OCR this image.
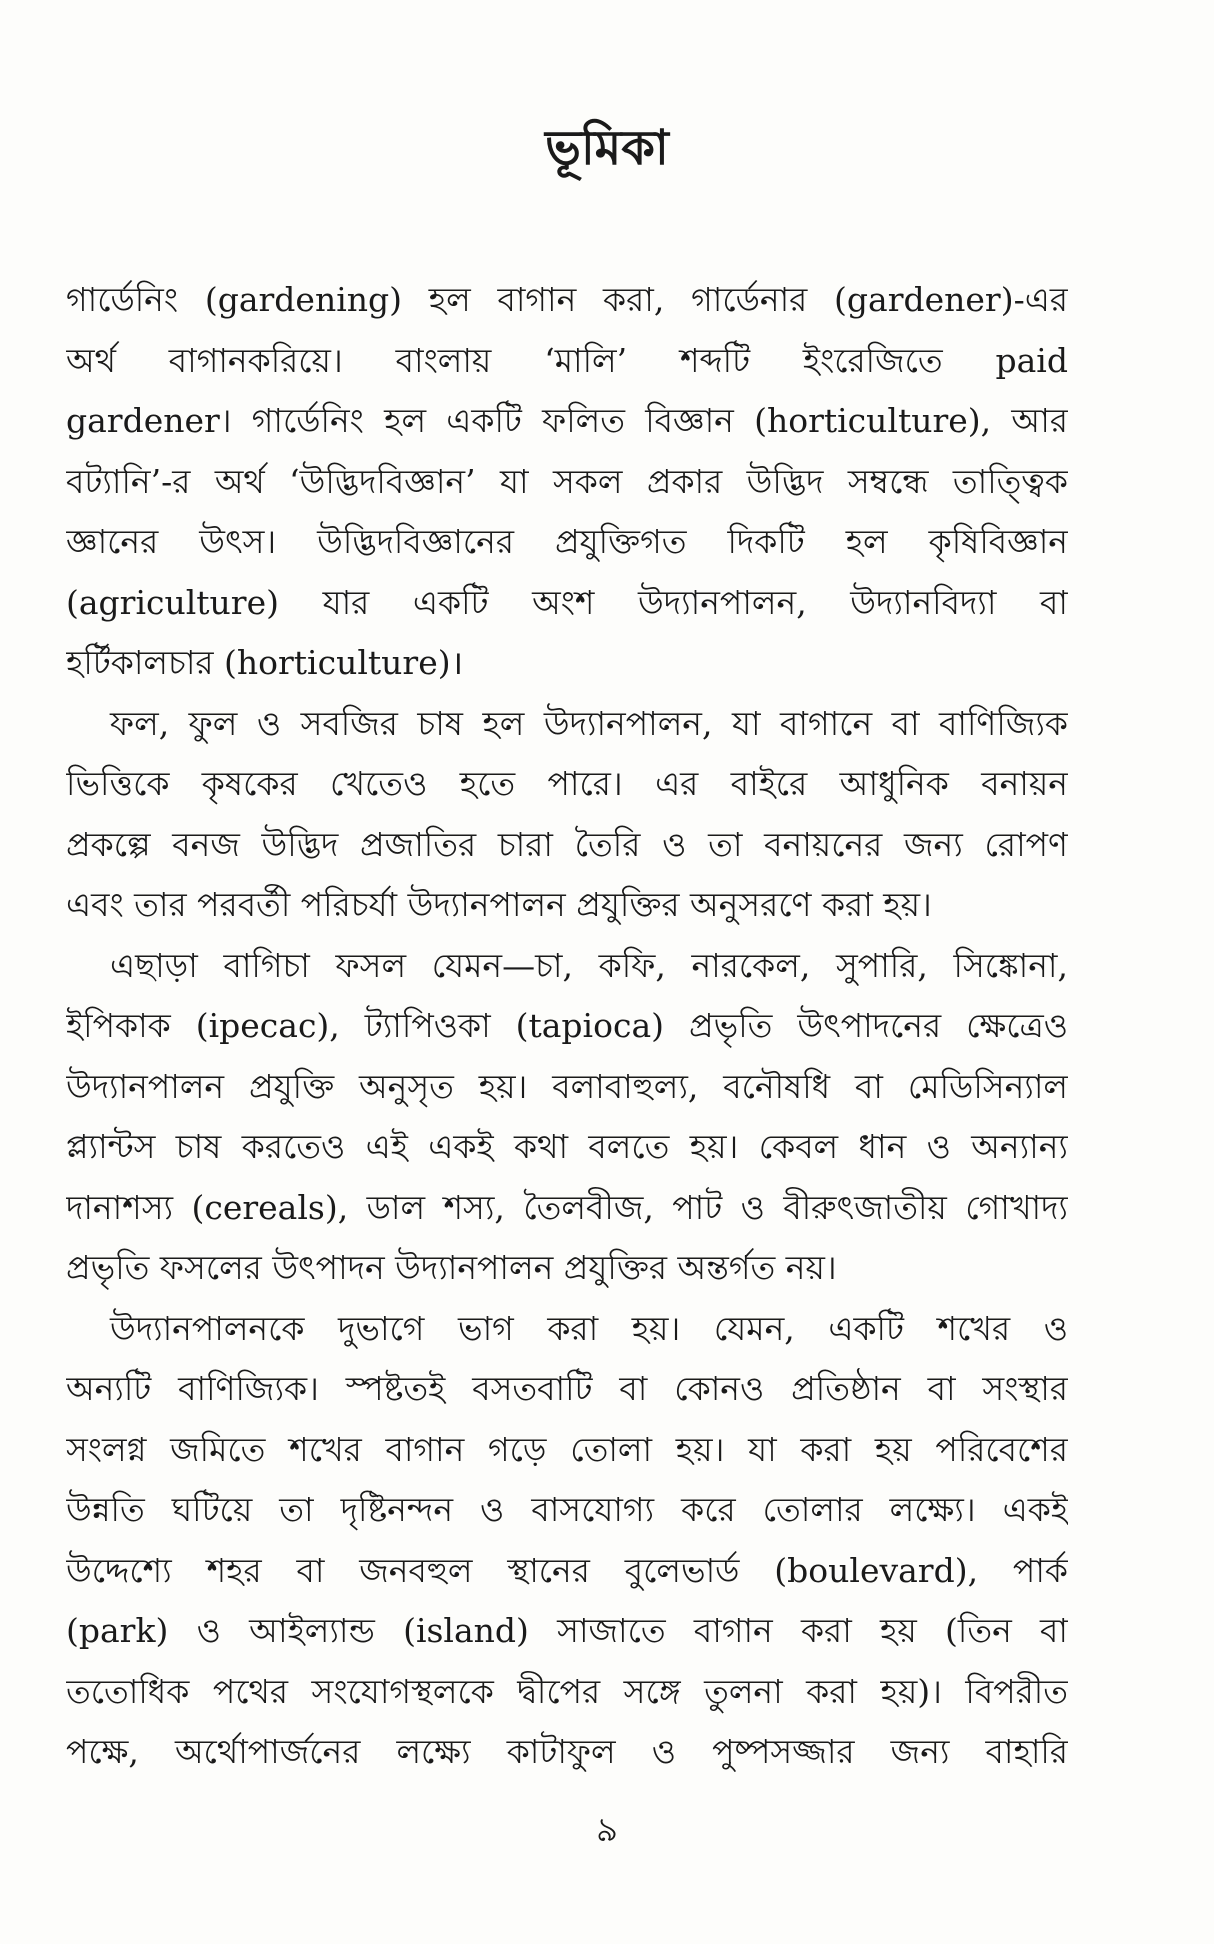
ভূমিকা
গার্ডেনিং (gardening) হল বাগান করা, গার্ডেনার (gardener)-এর
অর্থ বাগানকরিয়ে। বাংলায় ‘মালি’ শব্দটি ইংরেজিতে paid
gardener। গার্ডেনিং হল একটি ফলিত বিজ্ঞান (horticulture), আর
বট্যানি’-র অর্থ ‘উদ্ভিদবিজ্ঞান’ যা সকল প্রকার উদ্ভিদ সম্বন্ধে তাত্ত্বিক
জ্ঞানের উৎস। উদ্ভিদবিজ্ঞানের প্রযুক্তিগত দিকটি হল কৃষিবিজ্ঞান
(agriculture) যার একটি অংশ উদ্যানপালন, উদ্যানবিদ্যা বা
হর্টিকালচার (horticulture)।
ফল, ফুল ও সবজির চাষ হল উদ্যানপালন, যা বাগানে বা বাণিজ্যিক
ভিত্তিকে কৃষকের খেতেও হতে পারে। এর বাইরে আধুনিক বনায়ন
প্রকল্পে বনজ উদ্ভিদ প্রজাতির চারা তৈরি ও তা বনায়নের জন্য রোপণ
এবং তার পরবর্তী পরিচর্যা উদ্যানপালন প্রযুক্তির অনুসরণে করা হয়।
এছাড়া বাগিচা ফসল যেমন—চা, কফি, নারকেল, সুপারি, সিঙ্কোনা,
ইপিকাক (ipecac), ট্যাপিওকা (tapioca) প্রভৃতি উৎপাদনের ক্ষেত্রেও
উদ্যানপালন প্রযুক্তি অনুসৃত হয়। বলাবাহুল্য, বনৌষধি বা মেডিসিন্যাল
প্ল্যান্টস চাষ করতেও এই একই কথা বলতে হয়। কেবল ধান ও অন্যান্য
দানাশস্য (cereals), ডাল শস্য, তৈলবীজ, পাট ও বীরুৎজাতীয় গোখাদ্য
প্রভৃতি ফসলের উৎপাদন উদ্যানপালন প্রযুক্তির অন্তর্গত নয়।
উদ্যানপালনকে দুভাগে ভাগ করা হয়। যেমন, একটি শখের ও
অন্যটি বাণিজ্যিক। স্পষ্টতই বসতবাটি বা কোনও প্রতিষ্ঠান বা সংস্থার
সংলগ্ন জমিতে শখের বাগান গড়ে তোলা হয়। যা করা হয় পরিবেশের
উন্নতি ঘটিয়ে তা দৃষ্টিনন্দন ও বাসযোগ্য করে তোলার লক্ষ্যে। একই
উদ্দেশ্যে শহর বা জনবহুল স্থানের বুলেভার্ড (boulevard), পার্ক
(park) ও আইল্যান্ড (island) সাজাতে বাগান করা হয় (তিন বা
ততোধিক পথের সংযোগস্থলকে দ্বীপের সঙ্গে তুলনা করা হয়)। বিপরীত
পক্ষে, অর্থোপার্জনের লক্ষ্যে কাটাফুল ও পুষ্পসজ্জার জন্য বাহারি
৯
